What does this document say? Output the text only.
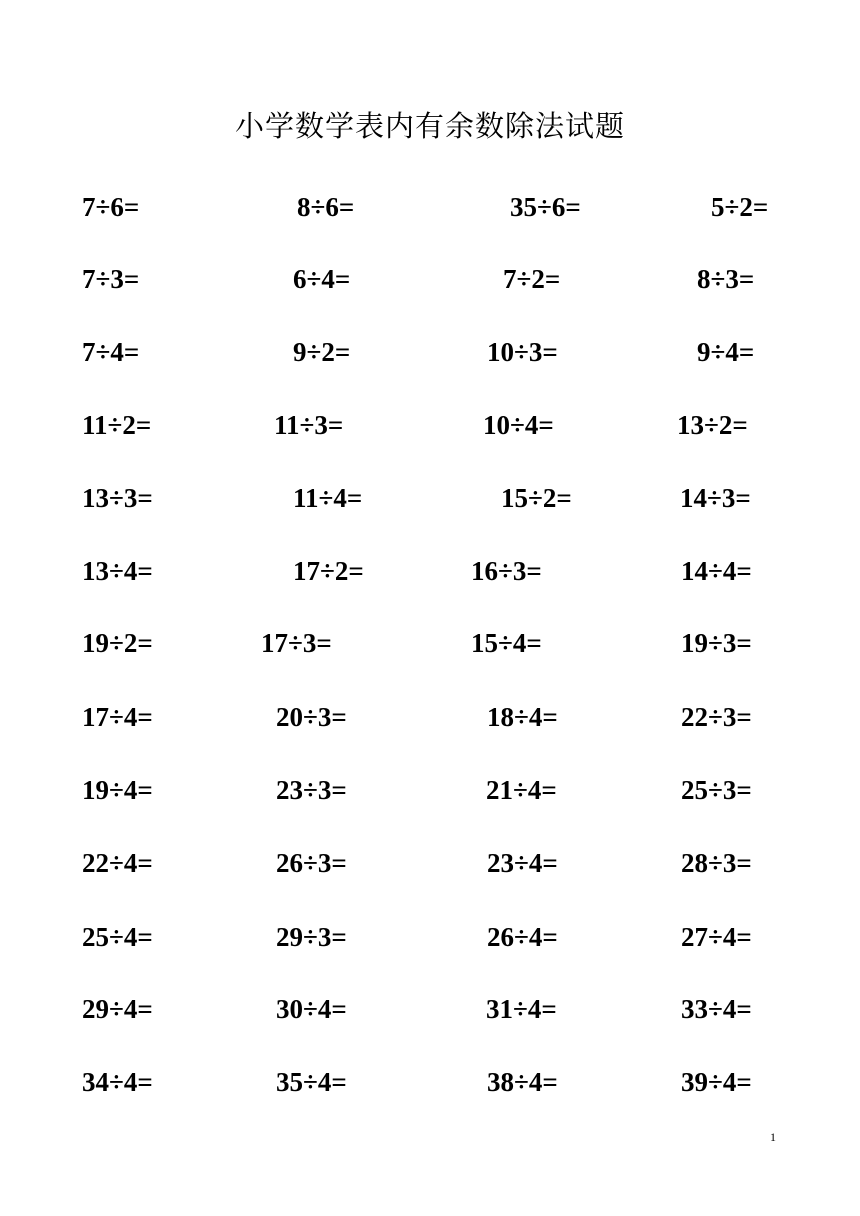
小学数学表内有余数除法试题
7÷6=	8÷6=	35÷6=	5÷2=
7÷3=	6÷4=	7÷2=	8÷3=
7÷4=	9÷2=	10÷3=	9÷4=
11÷2=	11÷3=	10÷4=	13÷2=
13÷3=	11÷4=	15÷2=	14÷3=
13÷4=	17÷2=	16÷3=	14÷4=
19÷2=	17÷3=	15÷4=	19÷3=
17÷4=	20÷3=	18÷4=	22÷3=
19÷4=	23÷3=	21÷4=	25÷3=
22÷4=	26÷3=	23÷4=	28÷3=
25÷4=	29÷3=	26÷4=	27÷4=
29÷4=	30÷4=	31÷4=	33÷4=
34÷4=	35÷4=	38÷4=	39÷4=
1
